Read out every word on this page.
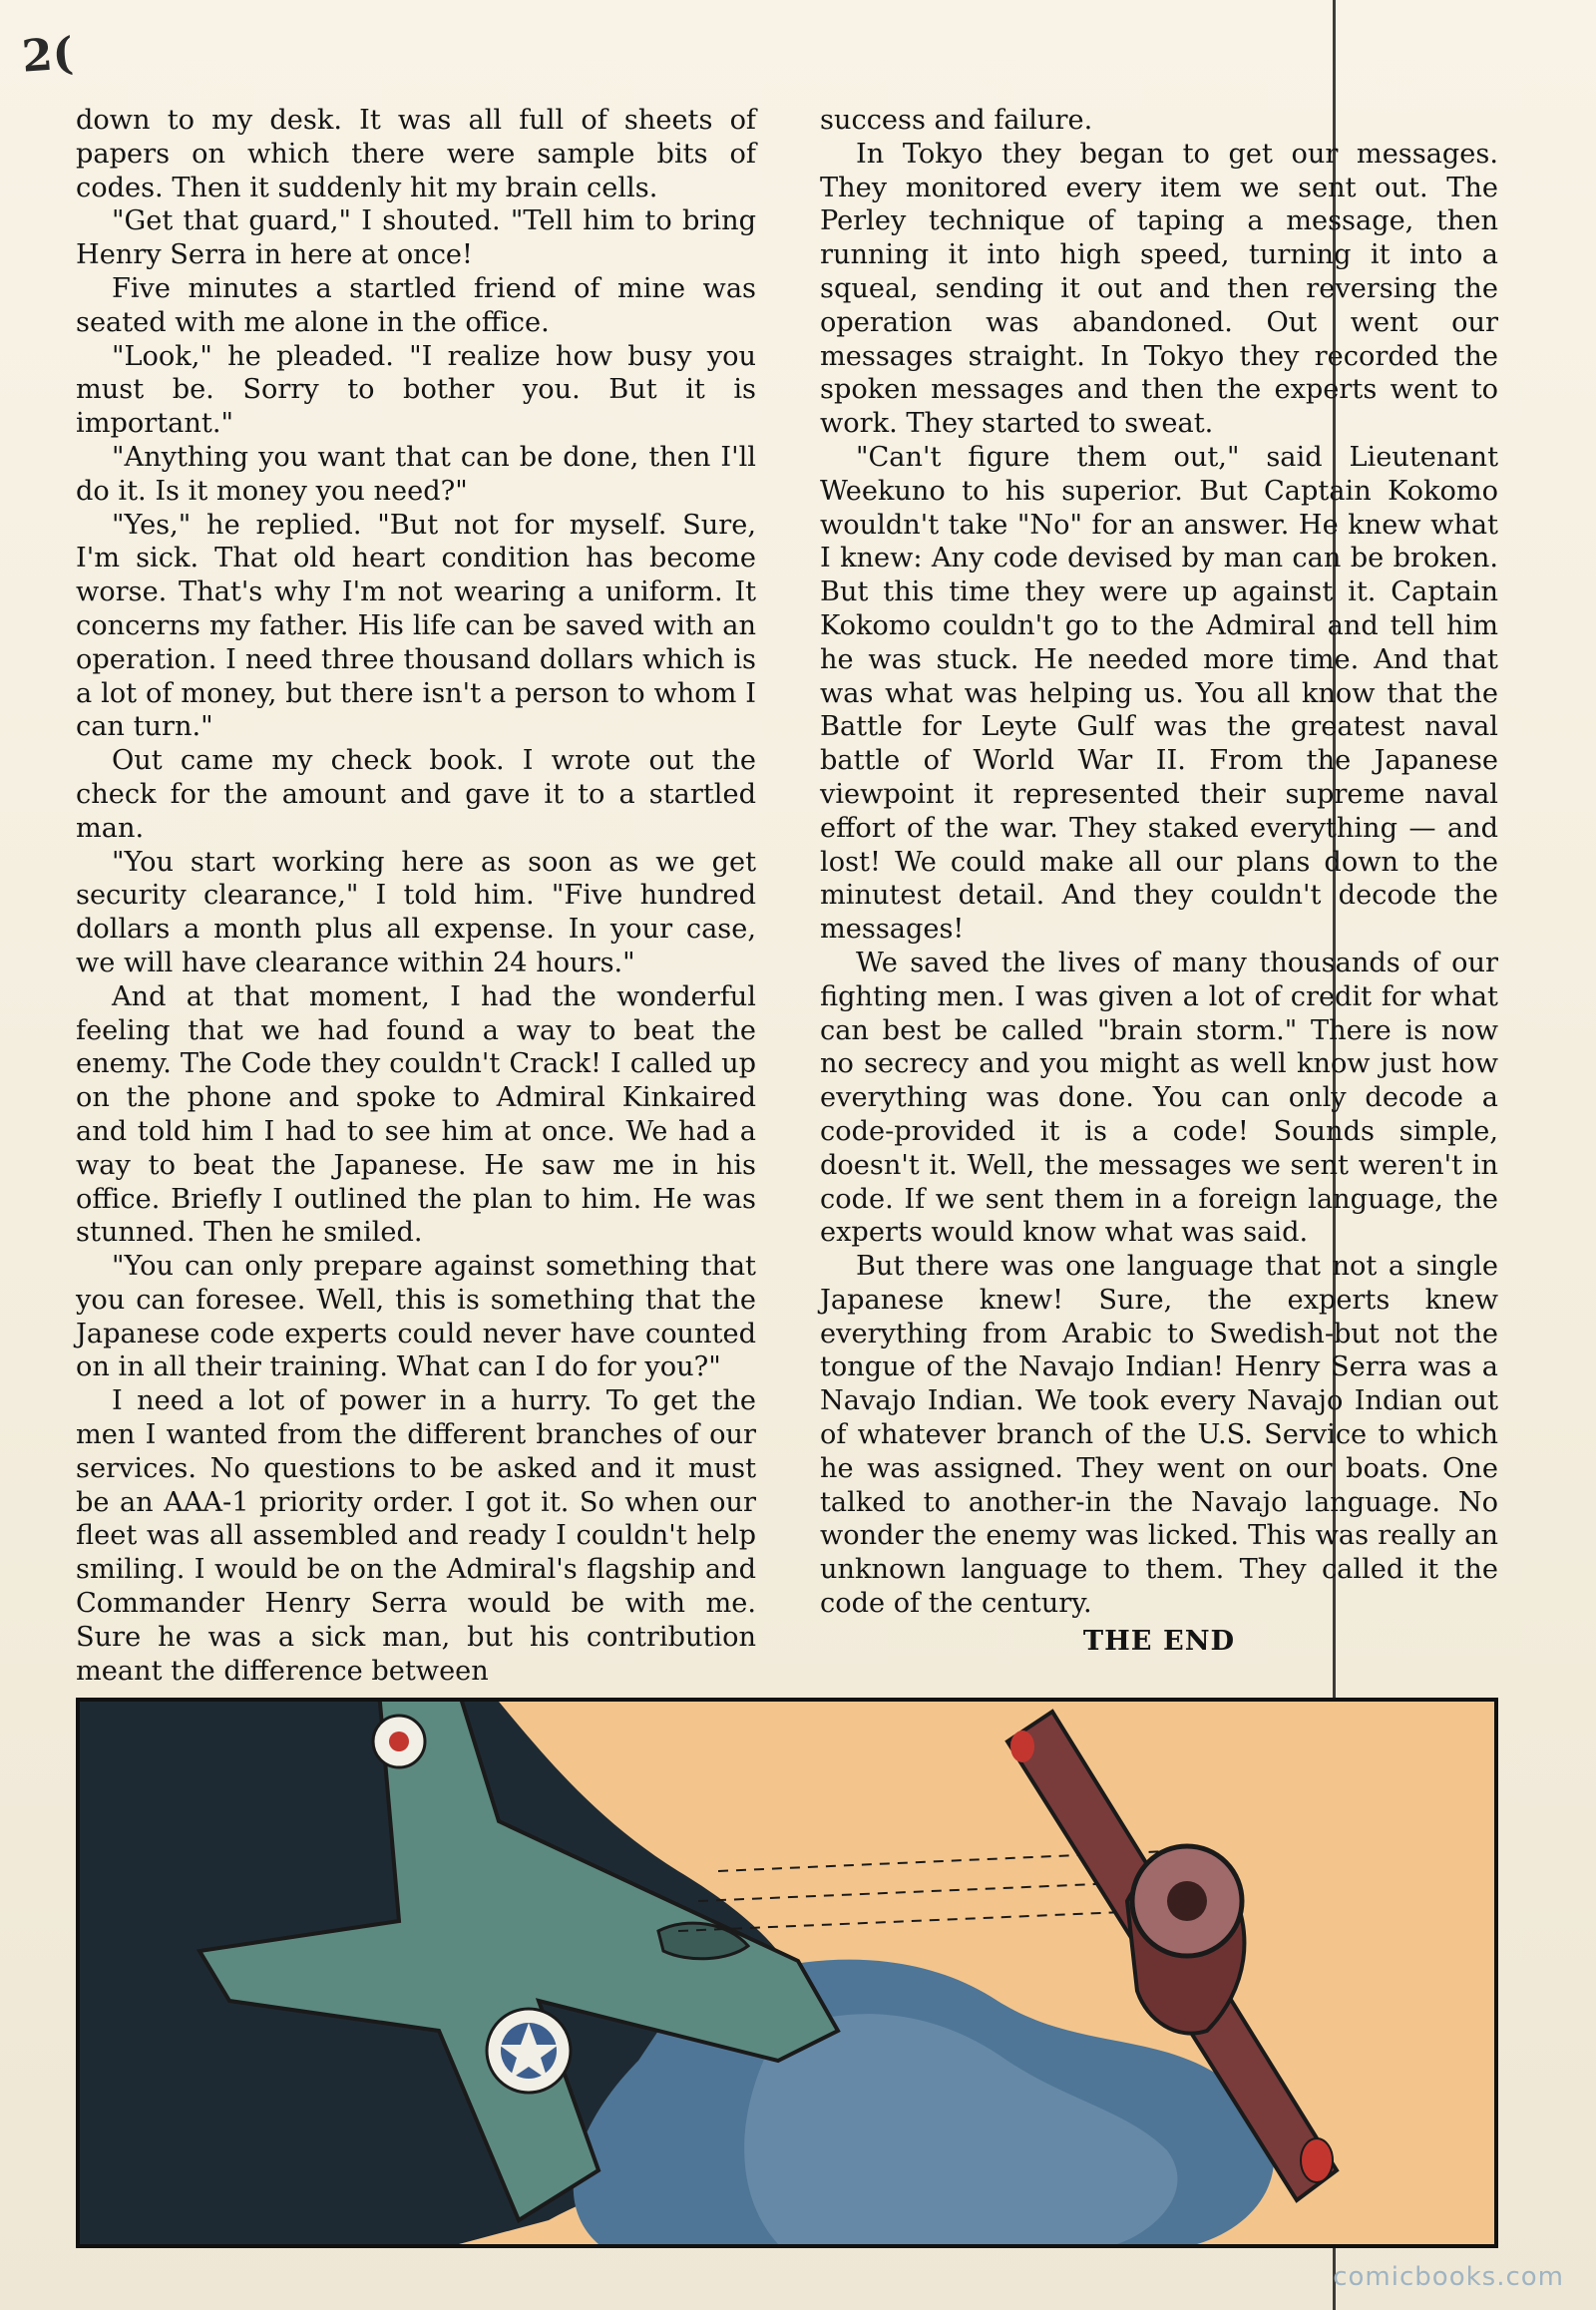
2(

down to my desk. It was all full of sheets of papers on which there were sample bits of codes. Then it suddenly hit my brain cells.

"Get that guard," I shouted. "Tell him to bring Henry Serra in here at once!

Five minutes a startled friend of mine was seated with me alone in the office.

"Look," he pleaded. "I realize how busy you must be. Sorry to bother you. But it is important."

"Anything you want that can be done, then I'll do it. Is it money you need?"

"Yes," he replied. "But not for myself. Sure, I'm sick. That old heart condition has become worse. That's why I'm not wearing a uniform. It concerns my father. His life can be saved with an operation. I need three thousand dollars which is a lot of money, but there isn't a person to whom I can turn."

Out came my check book. I wrote out the check for the amount and gave it to a startled man.

"You start working here as soon as we get security clearance," I told him. "Five hundred dollars a month plus all expense. In your case, we will have clearance within 24 hours."

And at that moment, I had the wonderful feeling that we had found a way to beat the enemy. The Code they couldn't Crack! I called up on the phone and spoke to Admiral Kinkaired and told him I had to see him at once. We had a way to beat the Japanese. He saw me in his office. Briefly I outlined the plan to him. He was stunned. Then he smiled.

"You can only prepare against something that you can foresee. Well, this is something that the Japanese code experts could never have counted on in all their training. What can I do for you?"

I need a lot of power in a hurry. To get the men I wanted from the different branches of our services. No questions to be asked and it must be an AAA-1 priority order. I got it. So when our fleet was all assembled and ready I couldn't help smiling. I would be on the Admiral's flagship and Commander Henry Serra would be with me. Sure he was a sick man, but his contribution meant the difference between

success and failure.

In Tokyo they began to get our messages. They monitored every item we sent out. The Perley technique of taping a message, then running it into high speed, turning it into a squeal, sending it out and then reversing the operation was abandoned. Out went our messages straight. In Tokyo they recorded the spoken messages and then the experts went to work. They started to sweat.

"Can't figure them out," said Lieutenant Weekuno to his superior. But Captain Kokomo wouldn't take "No" for an answer. He knew what I knew: Any code devised by man can be broken. But this time they were up against it. Captain Kokomo couldn't go to the Admiral and tell him he was stuck. He needed more time. And that was what was helping us. You all know that the Battle for Leyte Gulf was the greatest naval battle of World War II. From the Japanese viewpoint it represented their supreme naval effort of the war. They staked everything — and lost! We could make all our plans down to the minutest detail. And they couldn't decode the messages!

We saved the lives of many thousands of our fighting men. I was given a lot of credit for what can best be called "brain storm." There is now no secrecy and you might as well know just how everything was done. You can only decode a code-provided it is a code! Sounds simple, doesn't it. Well, the messages we sent weren't in code. If we sent them in a foreign language, the experts would know what was said.

But there was one language that not a single Japanese knew! Sure, the experts knew everything from Arabic to Swedish-but not the tongue of the Navajo Indian! Henry Serra was a Navajo Indian. We took every Navajo Indian out of whatever branch of the U.S. Service to which he was assigned. They went on our boats. One talked to another-in the Navajo language. No wonder the enemy was licked. This was really an unknown language to them. They called it the code of the century.

THE END

comicbooks.com
